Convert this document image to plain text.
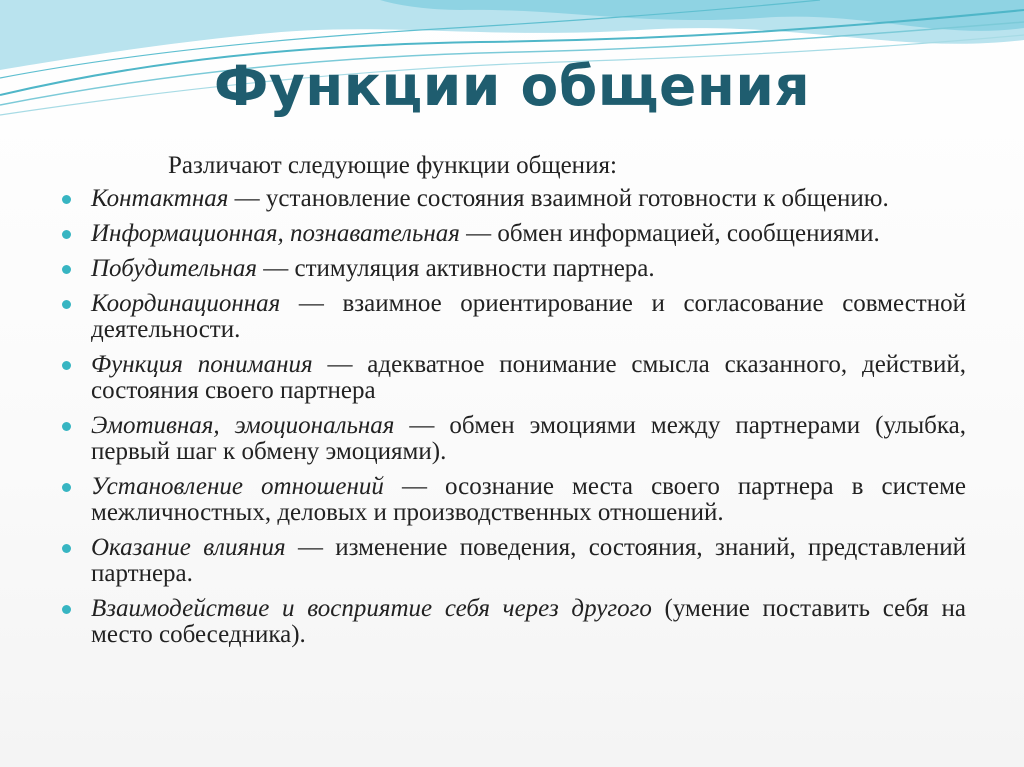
Функции общения

Различают следующие функции общения:

Контактная — установление состояния взаимной готовности к общению.
Информационная, познавательная — обмен информацией, сообщениями.
Побудительная — стимуляция активности партнера.
Координационная — взаимное ориентирование и согласование совместной деятельности.
Функция понимания — адекватное понимание смысла сказанного, действий, состояния своего партнера
Эмотивная, эмоциональная — обмен эмоциями между партнерами (улыбка, первый шаг к обмену эмоциями).
Установление отношений — осознание места своего партнера в системе межличностных, деловых и производственных отношений.
Оказание влияния — изменение поведения, состояния, знаний, представлений партнера.
Взаимодействие и восприятие себя через другого (умение поставить себя на место собеседника).
